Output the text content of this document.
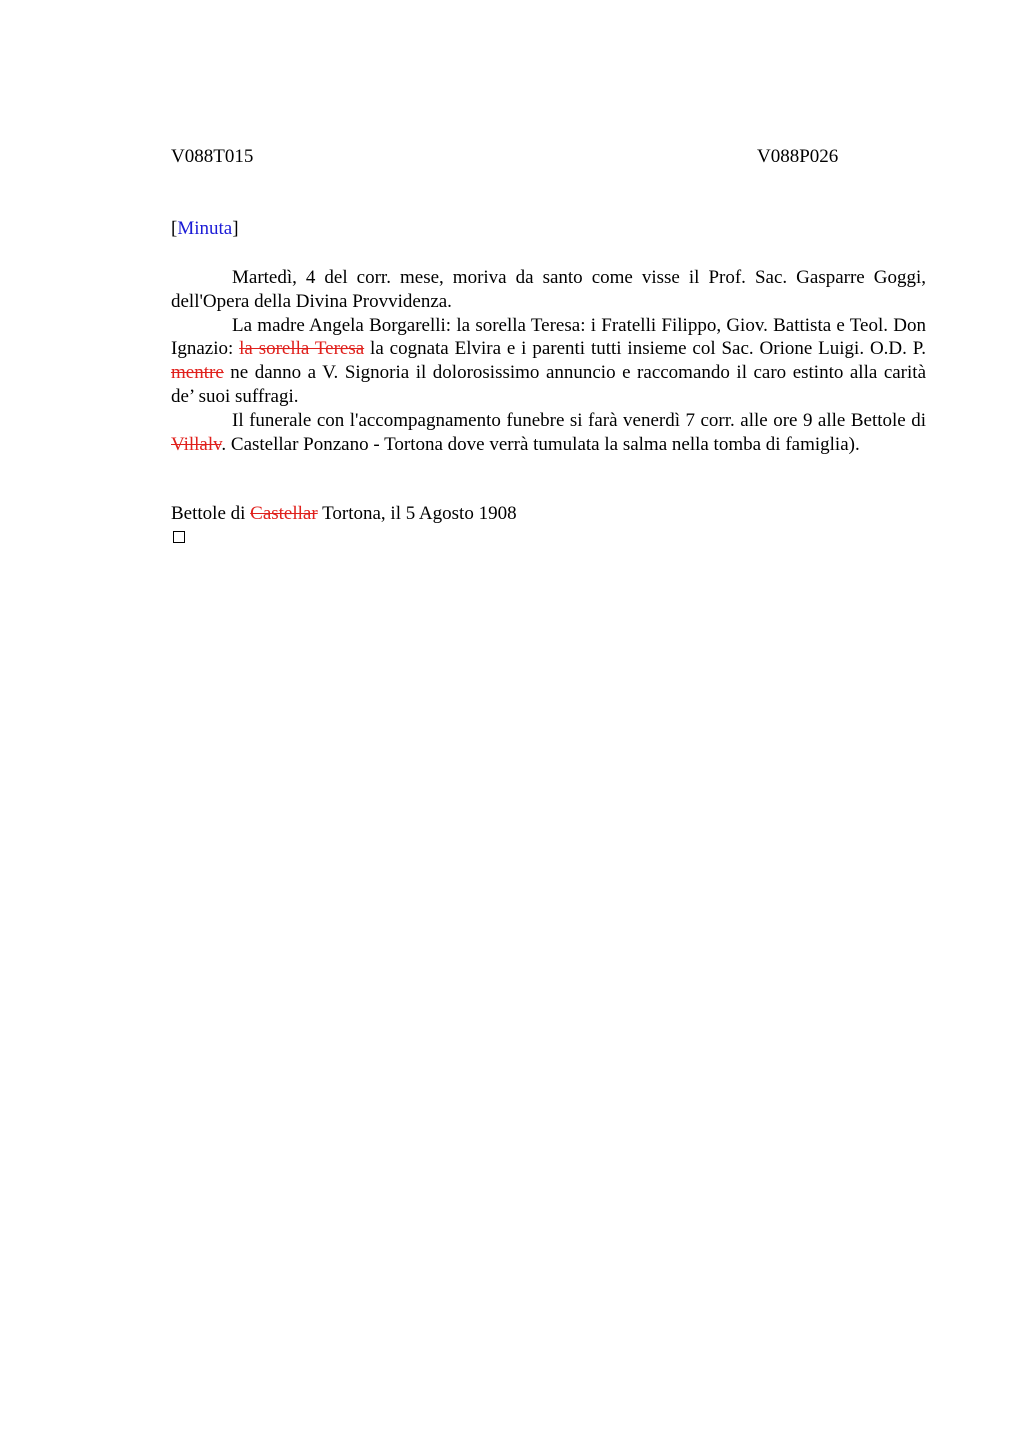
V088T015	V088P026
[Minuta]

Martedì, 4 del corr. mese, moriva da santo come visse il Prof. Sac. Gasparre Goggi, dell'Opera della Divina Provvidenza.

La madre Angela Borgarelli: la sorella Teresa: i Fratelli Filippo, Giov. Battista e Teol. Don Ignazio: la sorella Teresa la cognata Elvira e i parenti tutti insieme col Sac. Orione Luigi. O.D. P. mentre ne danno a V. Signoria il dolorosissimo annuncio e raccomando il caro estinto alla carità de’ suoi suffragi.

Il funerale con l'accompagnamento funebre si farà venerdì 7 corr. alle ore 9 alle Bettole di Villalv. Castellar Ponzano - Tortona dove verrà tumulata la salma nella tomba di famiglia).

Bettole di Castellar Tortona, il 5 Agosto 1908
